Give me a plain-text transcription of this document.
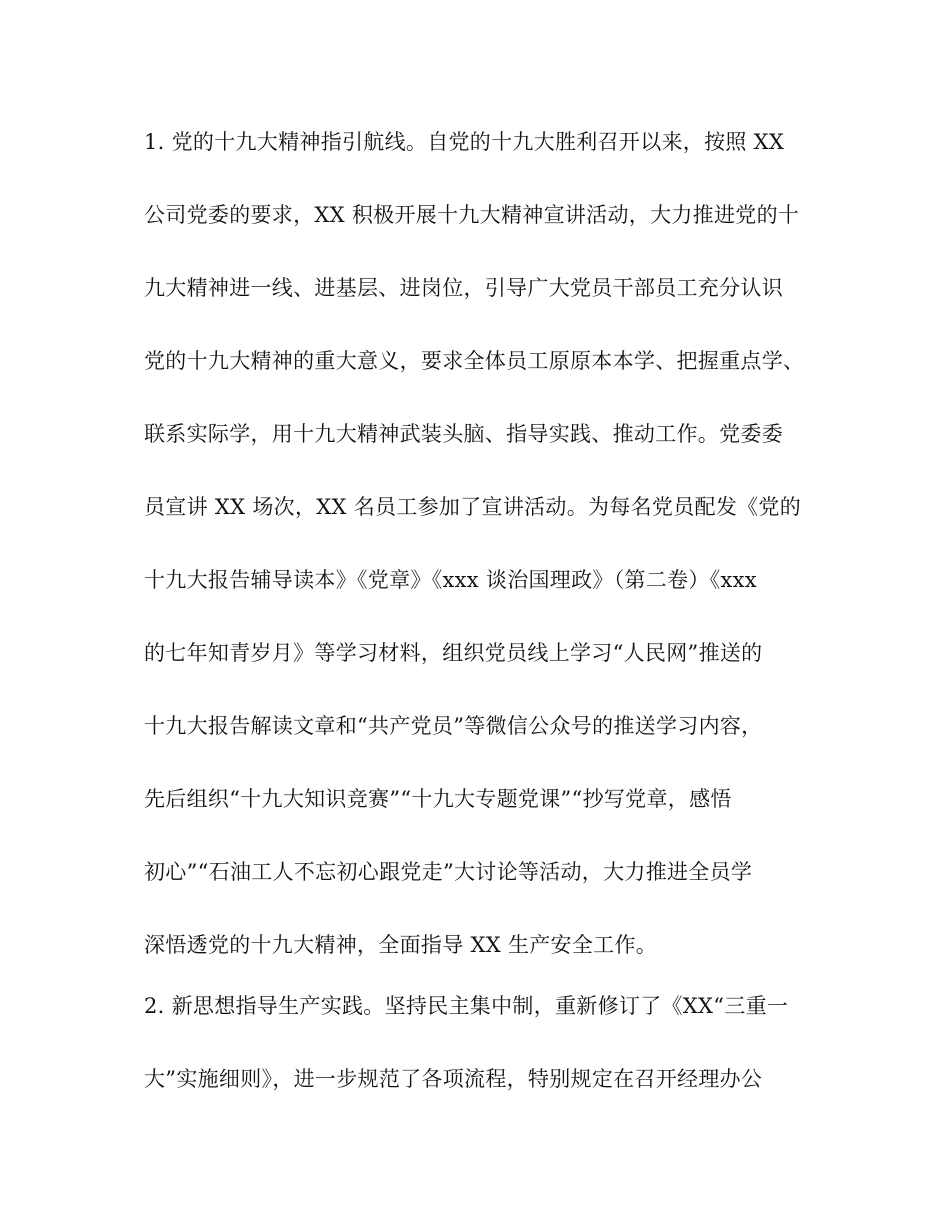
1. 党的十九大精神指引航线。自党的十九大胜利召开以来，按照 XX

公司党委的要求，XX 积极开展十九大精神宣讲活动，大力推进党的十

九大精神进一线、进基层、进岗位，引导广大党员干部员工充分认识

党的十九大精神的重大意义，要求全体员工原原本本学、把握重点学、

联系实际学，用十九大精神武装头脑、指导实践、推动工作。党委委

员宣讲 XX 场次，XX 名员工参加了宣讲活动。为每名党员配发《党的

十九大报告辅导读本》《党章》《xxx 谈治国理政》（第二卷）《xxx

的七年知青岁月》等学习材料，组织党员线上学习“人民网”推送的

十九大报告解读文章和“共产党员”等微信公众号的推送学习内容，

先后组织“十九大知识竞赛”“十九大专题党课”“抄写党章，感悟

初心”“石油工人不忘初心跟党走”大讨论等活动，大力推进全员学

深悟透党的十九大精神，全面指导 XX 生产安全工作。

2. 新思想指导生产实践。坚持民主集中制，重新修订了《XX“三重一

大”实施细则》，进一步规范了各项流程，特别规定在召开经理办公
